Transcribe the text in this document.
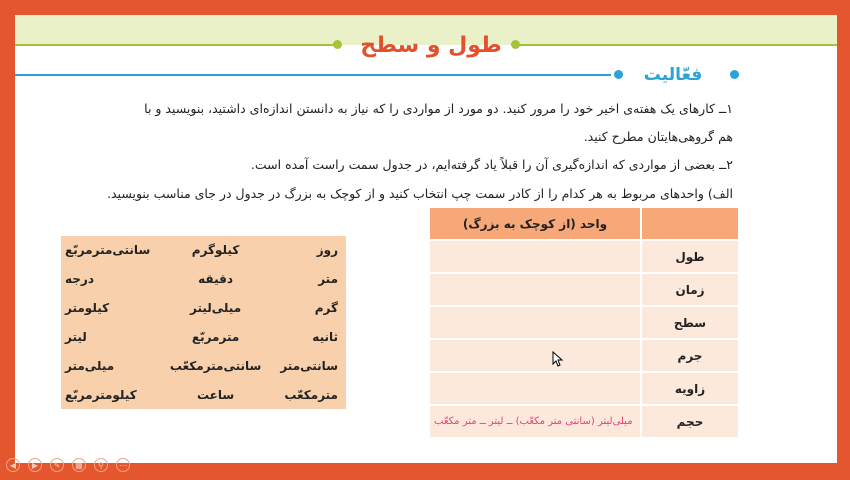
طول و سطح
فعّالیت
۱ــ کارهای یک هفته‌ی اخیر خود را مرور کنید. دو مورد از مواردی را که نیاز به دانستن اندازه‌ای داشتید، بنویسید و با
هم گروهی‌هایتان مطرح کنید.
۲ــ بعضی از مواردی که اندازه‌گیری آن را قبلاً یاد گرفته‌ایم، در جدول سمت راست آمده است.
الف) واحدهای مربوط به هر کدام را از کادر سمت چپ انتخاب کنید و از کوچک به بزرگ در جدول در جای مناسب بنویسید.
روز	کیلوگرم	سانتی‌متر‌مربّع
متر	دقیقه	درجه
گرم	میلی‌لیتر	کیلومتر
ثانیه	مترمربّع	لیتر
سانتی‌متر	سانتی‌متر‌مکعّب	میلی‌متر
متر‌مکعّب	ساعت	کیلومترمربّع
	واحد (از کوچک به بزرگ)
طول	
زمان	
سطح	
جرم	
زاویه	
حجم	میلی‌لیتر (سانتی متر مکعّب) ــ لیتر ــ متر مکعّب
◀	▶	✎	▦	⚲	⋯
